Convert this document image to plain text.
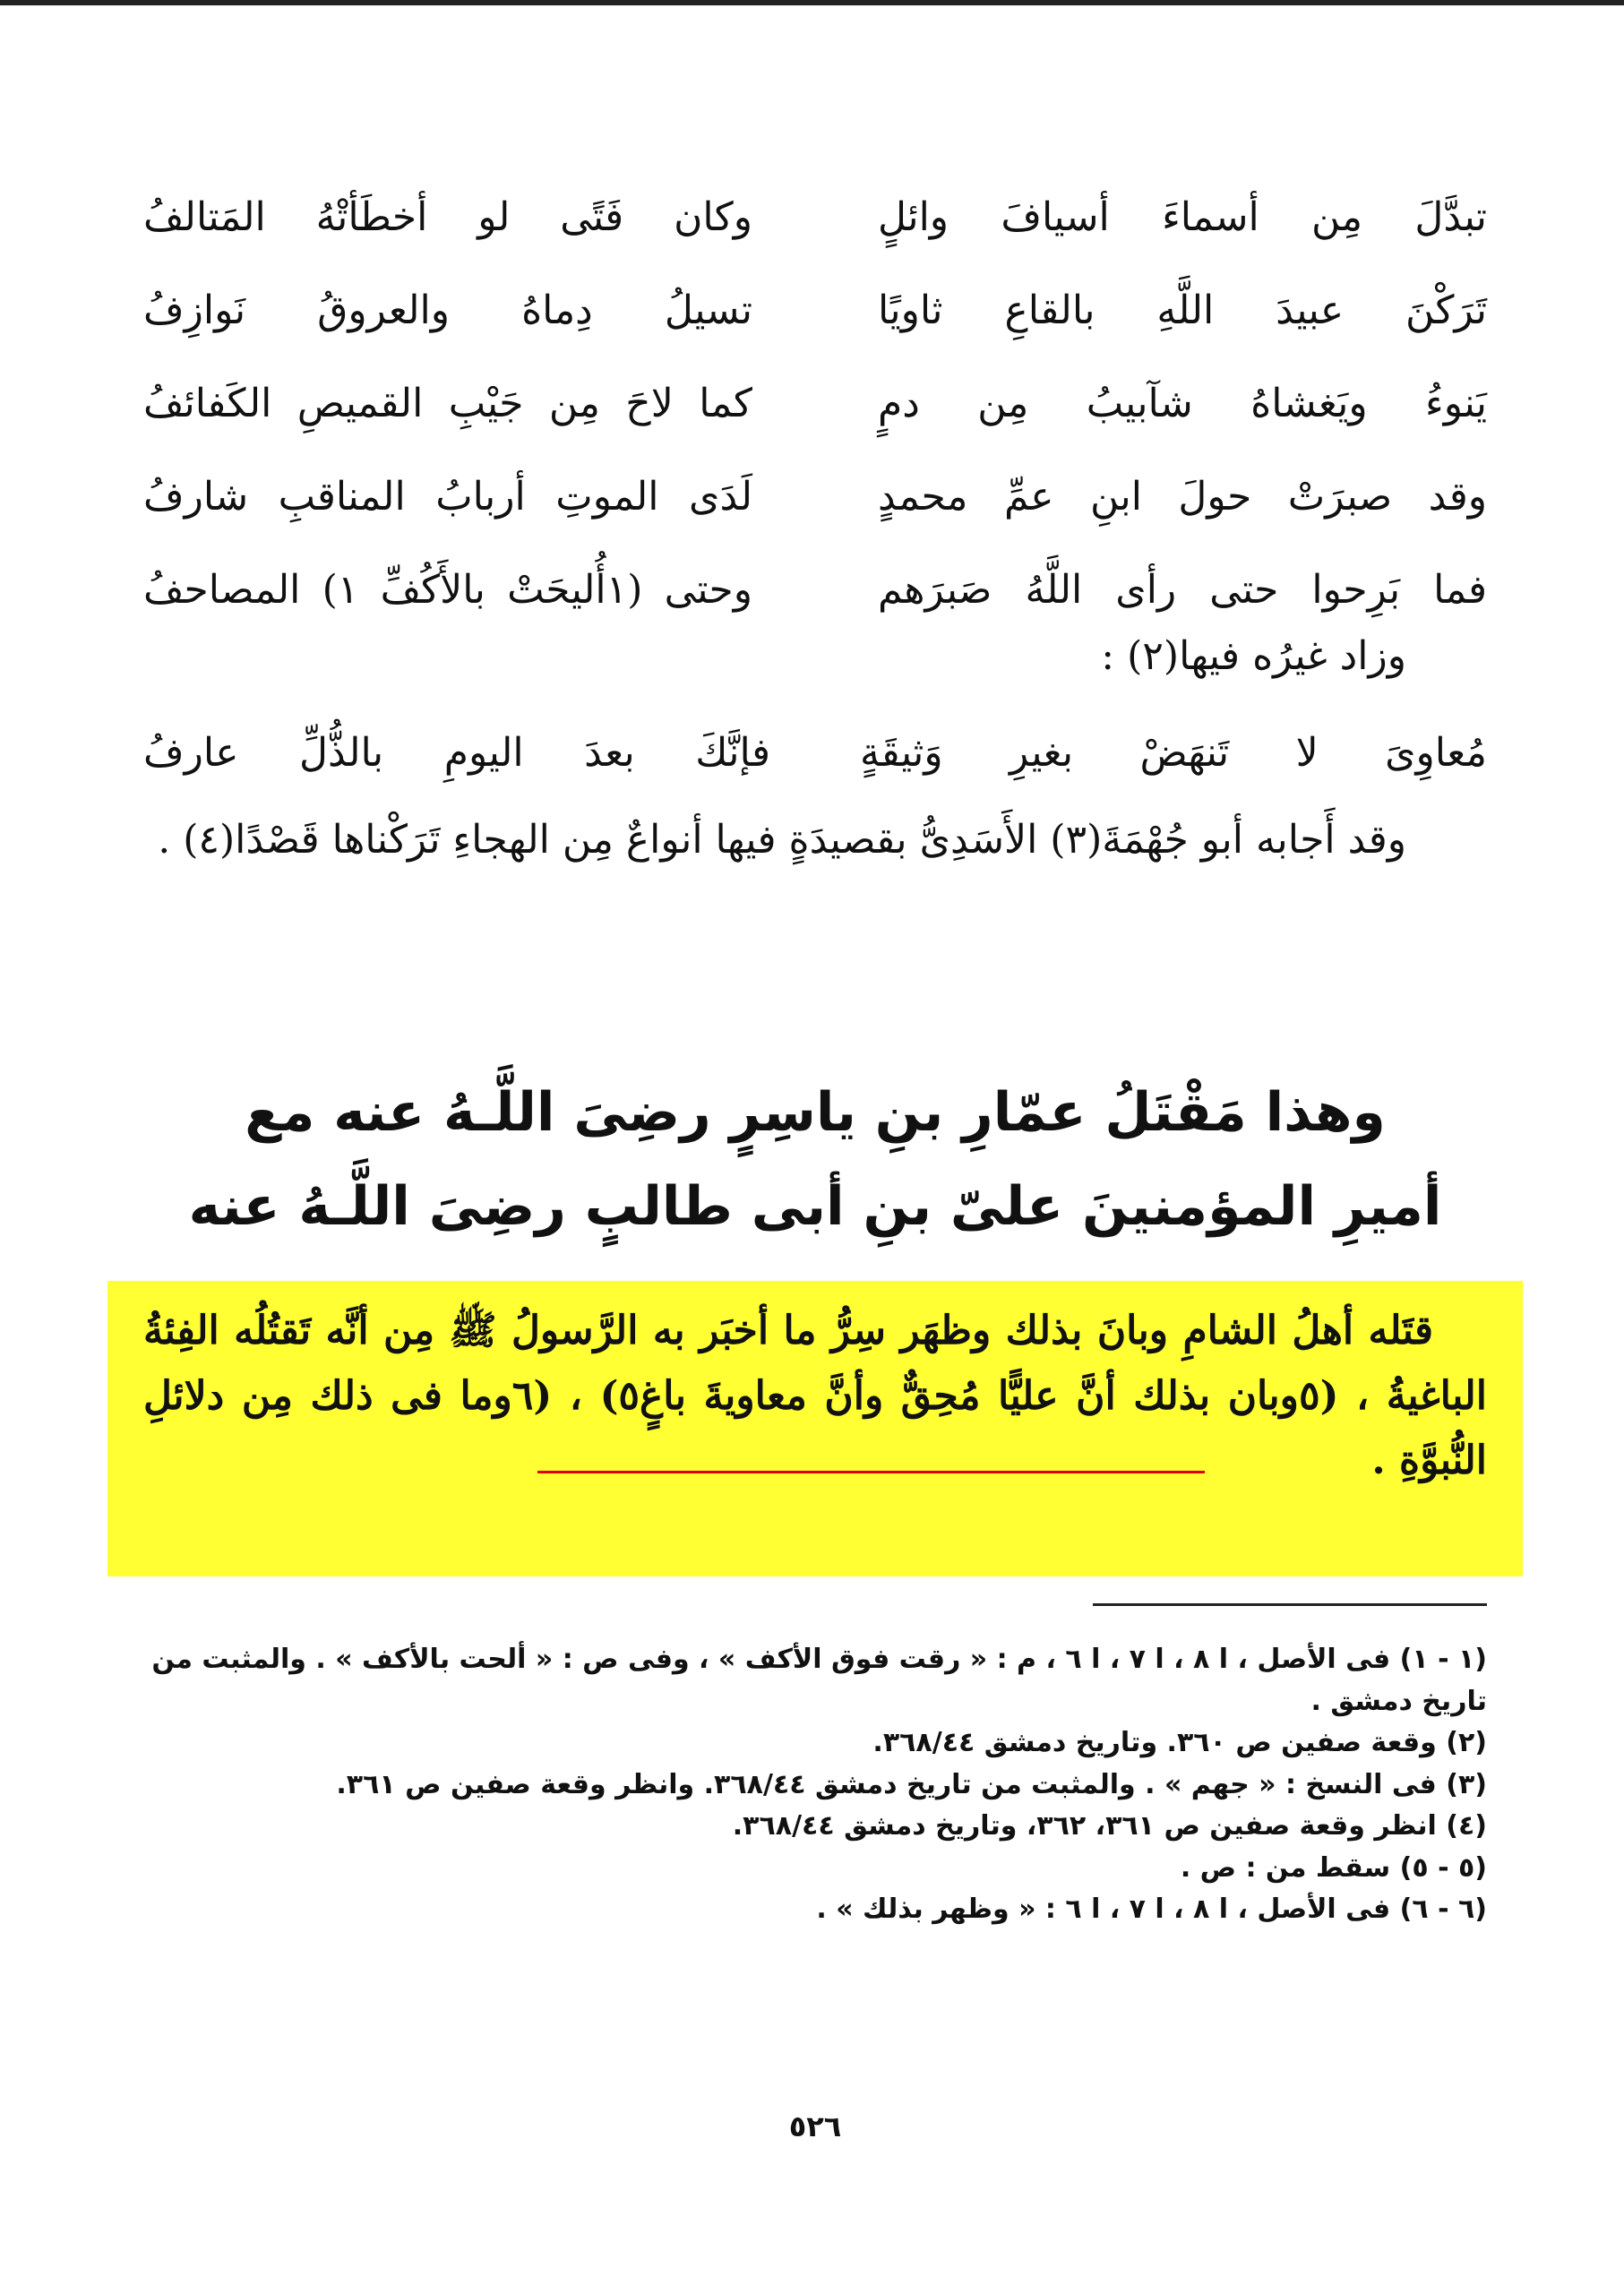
تبدَّلَ مِن أسماءَ أسيافَ وائلٍ
وكان فَتًى لو أخطَأتْهُ المَتالفُ
تَرَكْنَ عبيدَ اللَّهِ بالقاعِ ثاويًا
تسيلُ دِماهُ والعروقُ نَوازِفُ
يَنوءُ ويَغشاهُ شآبيبُ مِن دمٍ
كما لاحَ مِن جَيْبِ القميصِ الكَفائفُ
وقد صبرَتْ حولَ ابنِ عمِّ محمدٍ
لَدَى الموتِ أربابُ المناقبِ شارفُ
فما بَرِحوا حتى رأى اللَّهُ صَبرَهم
وحتى (١أُليحَتْ بالأَكُفِّ ١) المصاحفُ
وزاد غيرُه فيها(٢) :
مُعاوِىَ لا تَنهَضْ بغيرِ وَثيقَةٍ
فإنَّكَ بعدَ اليومِ بالذُّلِّ عارفُ
وقد أَجابه أبو جُهْمَةَ(٣) الأَسَدِىُّ بقصيدَةٍ فيها أنواعٌ مِن الهجاءِ تَرَكْناها قَصْدًا(٤) .
وهذا مَقْتَلُ عمّارِ بنِ ياسِرٍ رضِىَ اللَّـهُ عنه مع
أميرِ المؤمنينَ علىّ بنِ أبى طالبٍ رضِىَ اللَّـهُ عنه
قتَله أهلُ الشامِ وبانَ بذلك وظهَر سِرُّ ما أخبَر به الرَّسولُ ﷺ مِن أنَّه تَقتُلُه الفِئةُ الباغيةُ ، (٥وبان بذلك أنَّ عليًّا مُحِقٌّ وأنَّ معاويةَ باغٍ٥) ، (٦وما فى ذلك مِن دلائلِ النُّبوَّةِ .
(١ - ١) فى الأصل ، ا ٨ ، ا ٧ ، ا ٦ ، م : « رقت فوق الأكف » ، وفى ص : « ألحت بالأكف » . والمثبت من تاريخ دمشق .
(٢) وقعة صفين ص ٣٦٠. وتاريخ دمشق ٣٦٨/٤٤.
(٣) فى النسخ : « جهم » . والمثبت من تاريخ دمشق ٣٦٨/٤٤. وانظر وقعة صفين ص ٣٦١.
(٤) انظر وقعة صفين ص ٣٦١، ٣٦٢، وتاريخ دمشق ٣٦٨/٤٤.
(٥ - ٥) سقط من : ص .
(٦ - ٦) فى الأصل ، ا ٨ ، ا ٧ ، ا ٦ : « وظهر بذلك » .
٥٢٦
